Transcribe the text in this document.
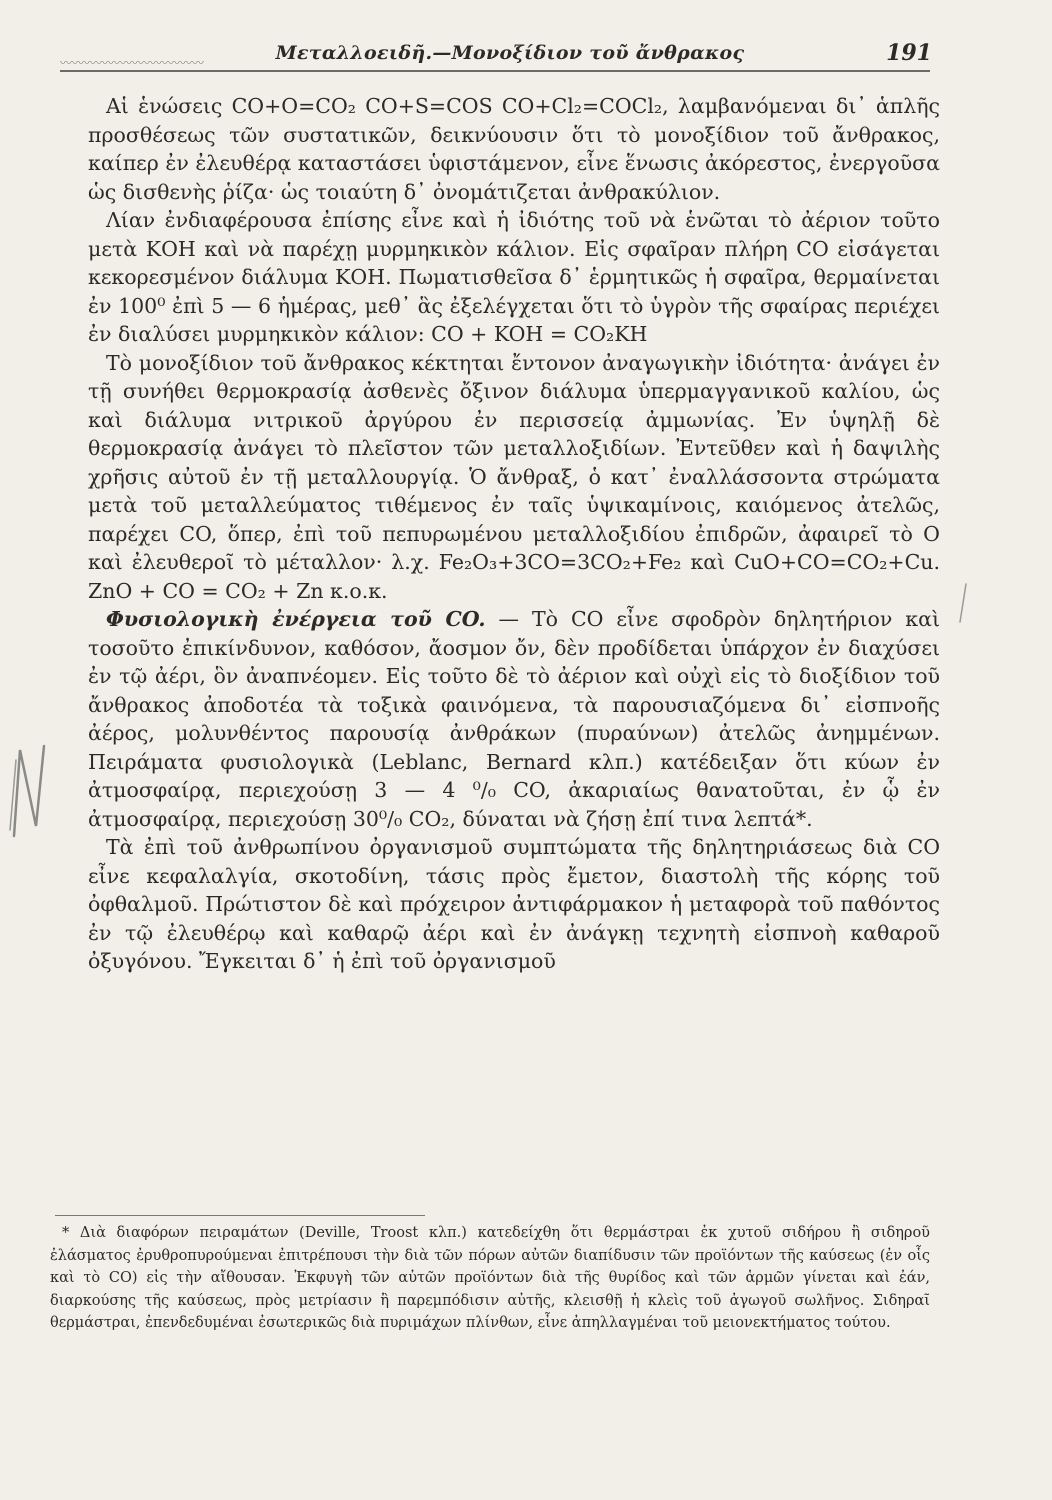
Μεταλλοειδῆ.—Μονοξίδιον τοῦ ἄνθρακος	191
〰〰〰〰〰〰〰〰〰〰〰〰

Αἱ ἑνώσεις CO+O=CO₂ CO+S=COS CO+Cl₂=COCl₂, λαμβανόμεναι δι᾽ ἁπλῆς προσθέσεως τῶν συστατικῶν, δεικνύουσιν ὅτι τὸ μονοξίδιον τοῦ ἄνθρακος, καίπερ ἐν ἐλευθέρᾳ καταστάσει ὑφιστάμενον, εἶνε ἕνωσις ἀκόρεστος, ἐνεργοῦσα ὡς δισθενὴς ῥίζα· ὡς τοιαύτη δ᾽ ὀνομάτιζεται ἀνθρακύλιον.

Λίαν ἐνδιαφέρουσα ἐπίσης εἶνε καὶ ἡ ἰδιότης τοῦ νὰ ἑνῶται τὸ ἀέριον τοῦτο μετὰ ΚΟΗ καὶ νὰ παρέχῃ μυρμηκικὸν κάλιον. Εἰς σφαῖραν πλήρη CO εἰσάγεται κεκορεσμένον διάλυμα ΚΟΗ. Πωματισθεῖσα δ᾽ ἑρμητικῶς ἡ σφαῖρα, θερμαίνεται ἐν 100⁰ ἐπὶ 5 — 6 ἡμέρας, μεθ᾽ ἃς ἐξελέγχεται ὅτι τὸ ὑγρὸν τῆς σφαίρας περιέχει ἐν διαλύσει μυρμηκικὸν κάλιον: CO + KOH = CO₂KH

Τὸ μονοξίδιον τοῦ ἄνθρακος κέκτηται ἔντονον ἀναγωγικὴν ἰδιότητα· ἀνάγει ἐν τῇ συνήθει θερμοκρασίᾳ ἀσθενὲς ὄξινον διάλυμα ὑπερμαγγανικοῦ καλίου, ὡς καὶ διάλυμα νιτρικοῦ ἀργύρου ἐν περισσείᾳ ἀμμωνίας. Ἐν ὑψηλῇ δὲ θερμοκρασίᾳ ἀνάγει τὸ πλεῖστον τῶν μεταλλοξιδίων. Ἐντεῦθεν καὶ ἡ δαψιλὴς χρῆσις αὐτοῦ ἐν τῇ μεταλλουργίᾳ. Ὁ ἄνθραξ, ὁ κατ᾽ ἐναλλάσσοντα στρώματα μετὰ τοῦ μεταλλεύματος τιθέμενος ἐν ταῖς ὑψικαμίνοις, καιόμενος ἀτελῶς, παρέχει CO, ὅπερ, ἐπὶ τοῦ πεπυρωμένου μεταλλοξιδίου ἐπιδρῶν, ἀφαιρεῖ τὸ O καὶ ἐλευθεροῖ τὸ μέταλλον· λ.χ. Fe₂O₃+3CO=3CO₂+Fe₂ καὶ CuO+CO=CO₂+Cu. ZnO + CO = CO₂ + Zn κ.ο.κ.

Φυσιολογικὴ ἐνέργεια τοῦ CO. — Τὸ CO εἶνε σφοδρὸν δηλητήριον καὶ τοσοῦτο ἐπικίνδυνον, καθόσον, ἄοσμον ὄν, δὲν προδίδεται ὑπάρχον ἐν διαχύσει ἐν τῷ ἀέρι, ὃν ἀναπνέομεν. Εἰς τοῦτο δὲ τὸ ἀέριον καὶ οὐχὶ εἰς τὸ διοξίδιον τοῦ ἄνθρακος ἀποδοτέα τὰ τοξικὰ φαινόμενα, τὰ παρουσιαζόμενα δι᾽ εἰσπνοῆς ἀέρος, μολυνθέντος παρουσίᾳ ἀνθράκων (πυραύνων) ἀτελῶς ἀνημμένων. Πειράματα φυσιολογικὰ (Leblanc, Bernard κλπ.) κατέδειξαν ὅτι κύων ἐν ἀτμοσφαίρᾳ, περιεχούσῃ 3 — 4 ⁰/₀ CO, ἀκαριαίως θανατοῦται, ἐν ᾧ ἐν ἀτμοσφαίρᾳ, περιεχούσῃ 30⁰/₀ CO₂, δύναται νὰ ζήσῃ ἐπί τινα λεπτά*.

Τὰ ἐπὶ τοῦ ἀνθρωπίνου ὀργανισμοῦ συμπτώματα τῆς δηλητηριάσεως διὰ CO εἶνε κεφαλαλγία, σκοτοδίνη, τάσις πρὸς ἔμετον, διαστολὴ τῆς κόρης τοῦ ὀφθαλμοῦ. Πρώτιστον δὲ καὶ πρόχειρον ἀντιφάρμακον ἡ μεταφορὰ τοῦ παθόντος ἐν τῷ ἐλευθέρῳ καὶ καθαρῷ ἀέρι καὶ ἐν ἀνάγκῃ τεχνητὴ εἰσπνοὴ καθαροῦ ὀξυγόνου. Ἔγκειται δ᾽ ἡ ἐπὶ τοῦ ὀργανισμοῦ

* Διὰ διαφόρων πειραμάτων (Deville, Troost κλπ.) κατεδείχθη ὅτι θερμάστραι ἐκ χυτοῦ σιδήρου ἢ σιδηροῦ ἐλάσματος ἐρυθροπυρούμεναι ἐπιτρέπουσι τὴν διὰ τῶν πόρων αὐτῶν διαπίδυσιν τῶν προϊόντων τῆς καύσεως (ἐν οἷς καὶ τὸ CO) εἰς τὴν αἴθουσαν. Ἐκφυγὴ τῶν αὐτῶν προϊόντων διὰ τῆς θυρίδος καὶ τῶν ἁρμῶν γίνεται καὶ ἐάν, διαρκούσης τῆς καύσεως, πρὸς μετρίασιν ἢ παρεμπόδισιν αὐτῆς, κλεισθῇ ἡ κλεὶς τοῦ ἀγωγοῦ σωλῆνος. Σιδηραῖ θερμάστραι, ἐπενδεδυμέναι ἐσωτερικῶς διὰ πυριμάχων πλίνθων, εἶνε ἀπηλλαγμέναι τοῦ μειονεκτήματος τούτου.
